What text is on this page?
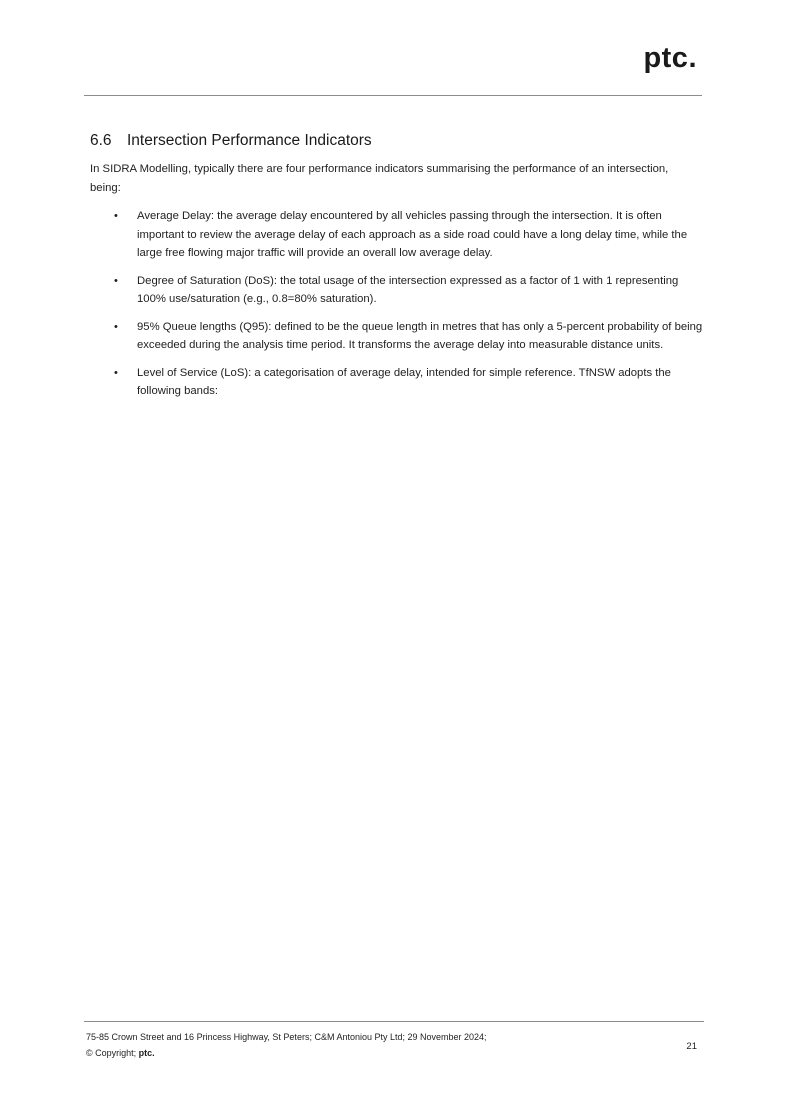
ptc.
6.6 Intersection Performance Indicators
In SIDRA Modelling, typically there are four performance indicators summarising the performance of an intersection, being:
• Average Delay: the average delay encountered by all vehicles passing through the intersection. It is often important to review the average delay of each approach as a side road could have a long delay time, while the large free flowing major traffic will provide an overall low average delay.
• Degree of Saturation (DoS): the total usage of the intersection expressed as a factor of 1 with 1 representing 100% use/saturation (e.g., 0.8=80% saturation).
• 95% Queue lengths (Q95): defined to be the queue length in metres that has only a 5-percent probability of being exceeded during the analysis time period. It transforms the average delay into measurable distance units.
• Level of Service (LoS): a categorisation of average delay, intended for simple reference. TfNSW adopts the following bands:
75-85 Crown Street and 16 Princess Highway, St Peters; C&M Antoniou Pty Ltd; 29 November 2024;
© Copyright; ptc.
21
